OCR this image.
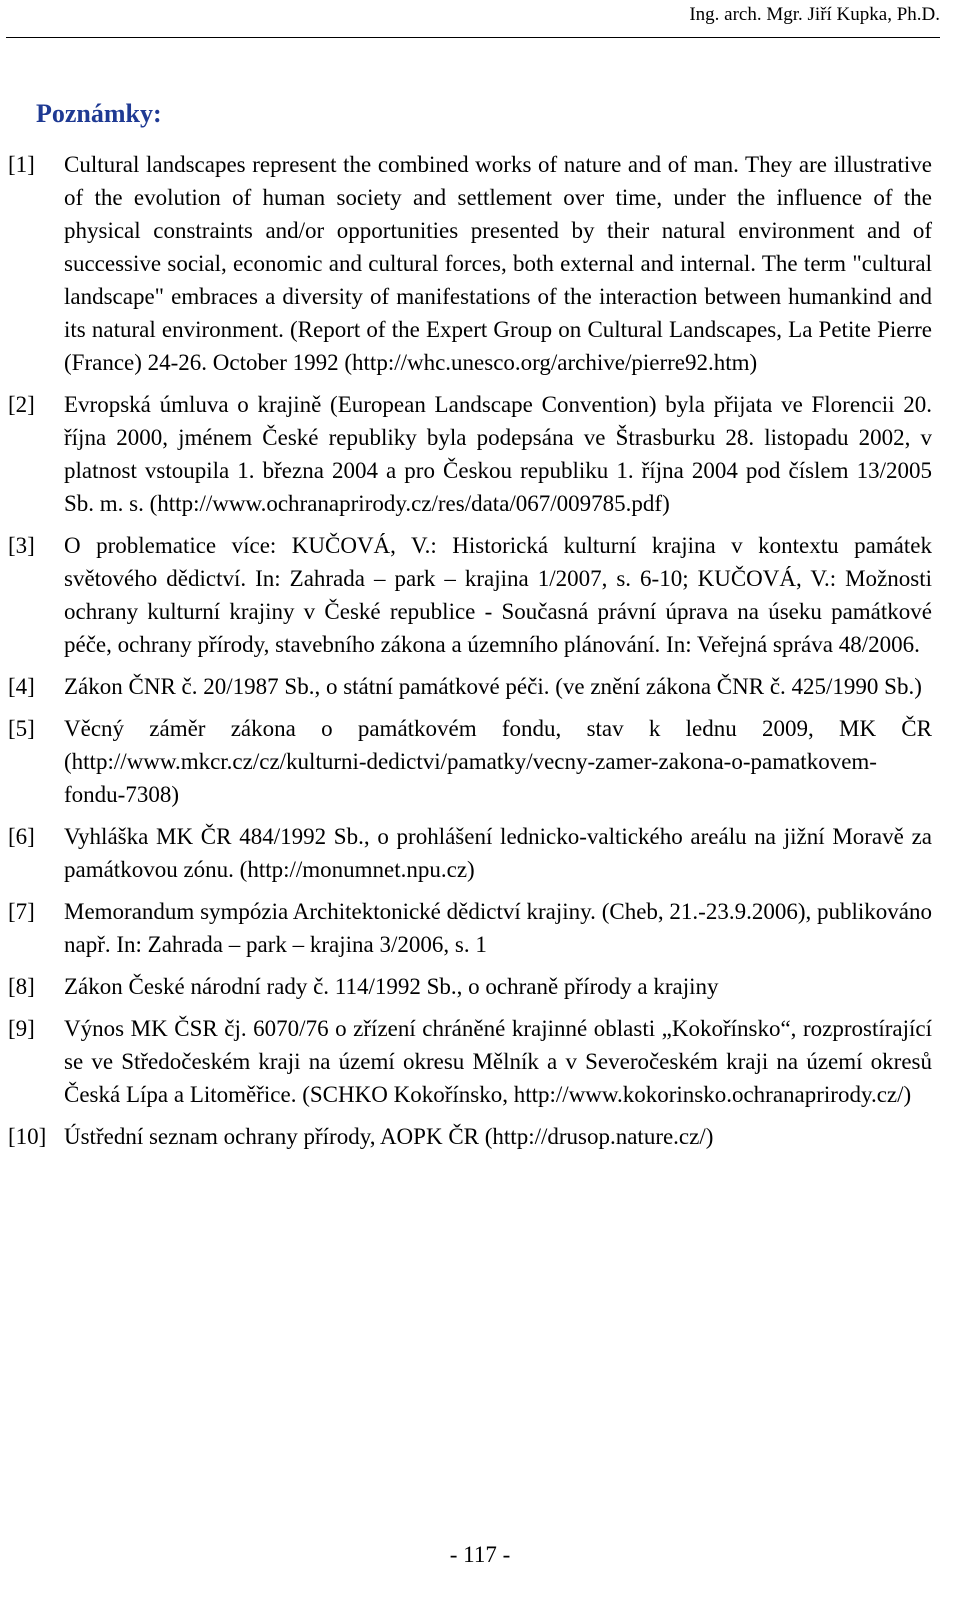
Ing. arch. Mgr. Jiří Kupka, Ph.D.
Poznámky:
[1] Cultural landscapes represent the combined works of nature and of man. They are illustrative of the evolution of human society and settlement over time, under the influence of the physical constraints and/or opportunities presented by their natural environment and of successive social, economic and cultural forces, both external and internal. The term "cultural landscape" embraces a diversity of manifestations of the interaction between humankind and its natural environment. (Report of the Expert Group on Cultural Landscapes, La Petite Pierre (France) 24-26. October 1992 (http://whc.unesco.org/archive/pierre92.htm)
[2] Evropská úmluva o krajině (European Landscape Convention) byla přijata ve Florencii 20. října 2000, jménem České republiky byla podepsána ve Štrasburku 28. listopadu 2002, v platnost vstoupila 1. března 2004 a pro Českou republiku 1. října 2004 pod číslem 13/2005 Sb. m. s. (http://www.ochranaprirody.cz/res/data/067/009785.pdf)
[3] O problematice více: KUČOVÁ, V.: Historická kulturní krajina v kontextu památek světového dědictví. In: Zahrada – park – krajina 1/2007, s. 6-10; KUČOVÁ, V.: Možnosti ochrany kulturní krajiny v České republice - Současná právní úprava na úseku památkové péče, ochrany přírody, stavebního zákona a územního plánování. In: Veřejná správa 48/2006.
[4] Zákon ČNR č. 20/1987 Sb., o státní památkové péči. (ve znění zákona ČNR č. 425/1990 Sb.)
[5] Věcný záměr zákona o památkovém fondu, stav k lednu 2009, MK ČR (http://www.mkcr.cz/cz/kulturni-dedictvi/pamatky/vecny-zamer-zakona-o-pamatkovem-fondu-7308)
[6] Vyhláška MK ČR 484/1992 Sb., o prohlášení lednicko-valtického areálu na jižní Moravě za památkovou zónu. (http://monumnet.npu.cz)
[7] Memorandum sympózia Architektonické dědictví krajiny. (Cheb, 21.-23.9.2006), publikováno např. In: Zahrada – park – krajina 3/2006, s. 1
[8] Zákon České národní rady č. 114/1992 Sb., o ochraně přírody a krajiny
[9] Výnos MK ČSR čj. 6070/76 o zřízení chráněné krajinné oblasti „Kokořínsko“, rozprostírající se ve Středočeském kraji na území okresu Mělník a v Severočeském kraji na území okresů Česká Lípa a Litoměřice. (SCHKO Kokořínsko, http://www.kokorinsko.ochranaprirody.cz/)
[10] Ústřední seznam ochrany přírody, AOPK ČR (http://drusop.nature.cz/)
- 117 -
